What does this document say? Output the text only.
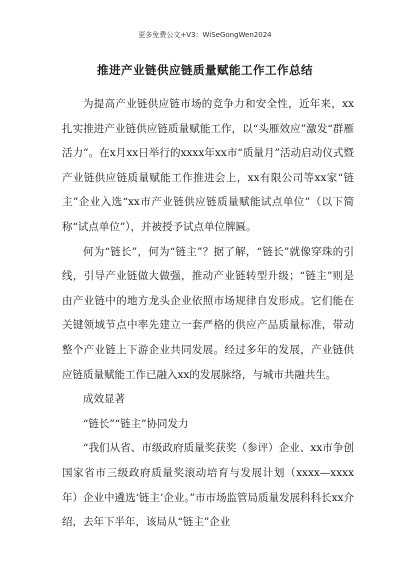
更多免费公文+V3：WiSeGongWen2024
推进产业链供应链质量赋能工作工作总结

为提高产业链供应链市场的竞争力和安全性，近年来，xx扎实推进产业链供应链质量赋能工作，以“头雁效应”激发“群雁活力”。在x月xx日举行的xxxx年xx市“质量月”活动启动仪式暨产业链供应链质量赋能工作推进会上，xx有限公司等xx家“链主”企业入选“xx市产业链供应链质量赋能试点单位”（以下简称“试点单位”），并被授予试点单位牌匾。

何为“链长”，何为“链主”？据了解，“链长”就像穿珠的引线，引导产业链做大做强，推动产业链转型升级；“链主”则是由产业链中的地方龙头企业依照市场规律自发形成。它们能在关键领域节点中率先建立一套严格的供应产品质量标准，带动整个产业链上下游企业共同发展。经过多年的发展，产业链供应链质量赋能工作已融入xx的发展脉络，与城市共融共生。

成效显著

“链长”“链主”协同发力

“我们从省、市级政府质量奖获奖（参评）企业、xx市争创国家省市三级政府质量奖滚动培育与发展计划（xxxx—xxxx年）企业中遴选‘链主’企业。”市市场监管局质量发展科科长xx介绍，去年下半年，该局从“链主”企业
